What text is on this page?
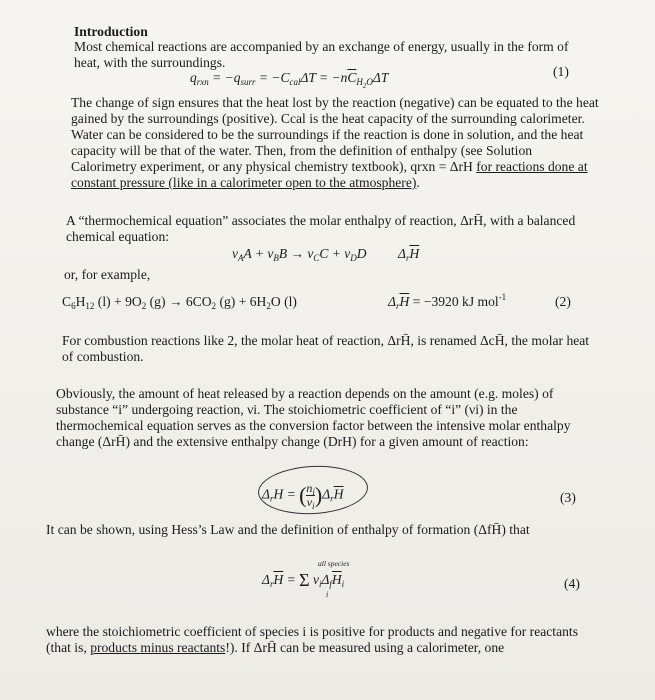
Introduction
Most chemical reactions are accompanied by an exchange of energy, usually in the form of heat, with the surroundings.
$q_{rxn} = -q_{surr} = -C_{cal}\Delta T = -n\overline{C}_{H_2O}\Delta T$	(1)
The change of sign ensures that the heat lost by the reaction (negative) can be equated to the heat gained by the surroundings (positive). Ccal is the heat capacity of the surrounding calorimeter. Water can be considered to be the surroundings if the reaction is done in solution, and the heat capacity will be that of the water. Then, from the definition of enthalpy (see Solution Calorimetry experiment, or any physical chemistry textbook), qrxn = ΔrH for reactions done at constant pressure (like in a calorimeter open to the atmosphere).
A “thermochemical equation” associates the molar enthalpy of reaction, ΔrH̄, with a balanced chemical equation:
$\nu_AA + \nu_BB \to \nu_CC + \nu_DD$ $\Delta_r\overline{H}$
or, for example,
$C_6H_{12}$ $(l) + 9O_2$ $(g) \to 6CO_2$ $(g) + 6H_2O$ (l)	$\Delta_r\overline{H} = -3920$ kJ mol$^{-1}$	(2)
For combustion reactions like 2, the molar heat of reaction, ΔrH̄, is renamed ΔcH̄, the molar heat of combustion.
Obviously, the amount of heat released by a reaction depends on the amount (e.g. moles) of substance “i” undergoing reaction, νi. The stoichiometric coefficient of “i” (νi) in the thermochemical equation serves as the conversion factor between the intensive molar enthalpy change (ΔrH̄) and the extensive enthalpy change (DrH) for a given amount of reaction:
$\Delta_rH$ = ( $\frac{n_i}{\nu_i} )\Delta_r\overline{H}$	(3)
It can be shown, using Hess’s Law and the definition of enthalpy of formation (ΔfH̄) that
all species
$\Delta_r\overline{H} = \Sigma$ $\nu_i\Delta_f\overline{H}_i$
i
(4)
where the stoichiometric coefficient of species i is positive for products and negative for reactants (that is, products minus reactants!). If ΔrH̄ can be measured using a calorimeter, one
